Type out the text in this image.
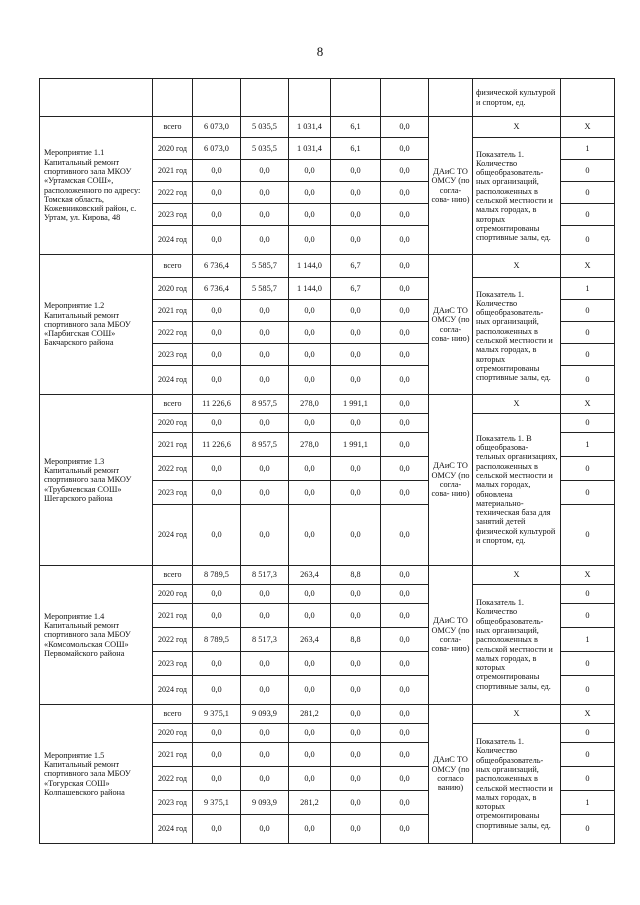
8
								физической культурой и спортом, ед.	
Мероприятие 1.1 Капитальный ремонт спортивного зала МКОУ «Уртамская СОШ», расположенного по адресу: Томская область, Кожевниковский район, с. Уртам, ул. Кирова, 48	всего	6 073,0	5 035,5	1 031,4	6,1	0,0	ДАиС ТО ОМСУ (по согла- сова- нию)	Х	Х
	2020 год	6 073,0	5 035,5	1 031,4	6,1	0,0		Показатель 1. Количество общеобразователь- ных организаций, расположенных в сельской местности и малых городах, в которых отремонтированы спортивные залы, ед.	1
	2021 год	0,0	0,0	0,0	0,0	0,0			0
	2022 год	0,0	0,0	0,0	0,0	0,0			0
	2023 год	0,0	0,0	0,0	0,0	0,0			0
	2024 год	0,0	0,0	0,0	0,0	0,0			0
Мероприятие 1.2 Капитальный ремонт спортивного зала МБОУ «Парбигская СОШ» Бакчарского района	всего	6 736,4	5 585,7	1 144,0	6,7	0,0	ДАиС ТО ОМСУ (по согла- сова- нию)	Х	Х
	2020 год	6 736,4	5 585,7	1 144,0	6,7	0,0		Показатель 1. Количество общеобразователь- ных организаций, расположенных в сельской местности и малых городах, в которых отремонтированы спортивные залы, ед.	1
	2021 год	0,0	0,0	0,0	0,0	0,0			0
	2022 год	0,0	0,0	0,0	0,0	0,0			0
	2023 год	0,0	0,0	0,0	0,0	0,0			0
	2024 год	0,0	0,0	0,0	0,0	0,0			0
Мероприятие 1.3 Капитальный ремонт спортивного зала МКОУ «Трубачевская СОШ» Шегарского района	всего	11 226,6	8 957,5	278,0	1 991,1	0,0	ДАиС ТО ОМСУ (по согла- сова- нию)	Х	Х
	2020 год	0,0	0,0	0,0	0,0	0,0		Показатель 1. В общеобразова- тельных организациях, расположенных в сельской местности и малых городах, обновлена материально- техническая база для занятий детей физической культурой и спортом, ед.	0
	2021 год	11 226,6	8 957,5	278,0	1 991,1	0,0			1
	2022 год	0,0	0,0	0,0	0,0	0,0			0
	2023 год	0,0	0,0	0,0	0,0	0,0			0
	2024 год	0,0	0,0	0,0	0,0	0,0			0
Мероприятие 1.4 Капитальный ремонт спортивного зала МБОУ «Комсомольская СОШ» Первомайского района	всего	8 789,5	8 517,3	263,4	8,8	0,0	ДАиС ТО ОМСУ (по согла- сова- нию)	Х	Х
	2020 год	0,0	0,0	0,0	0,0	0,0		Показатель 1. Количество общеобразователь- ных организаций, расположенных в сельской местности и малых городах, в которых отремонтированы спортивные залы, ед.	0
	2021 год	0,0	0,0	0,0	0,0	0,0			0
	2022 год	8 789,5	8 517,3	263,4	8,8	0,0			1
	2023 год	0,0	0,0	0,0	0,0	0,0			0
	2024 год	0,0	0,0	0,0	0,0	0,0			0
Мероприятие 1.5 Капитальный ремонт спортивного зала МБОУ «Тогурская СОШ» Колпашевского района	всего	9 375,1	9 093,9	281,2	0,0	0,0	ДАиС ТО ОМСУ (по согласо ванию)	Х	Х
	2020 год	0,0	0,0	0,0	0,0	0,0		Показатель 1. Количество общеобразователь- ных организаций, расположенных в сельской местности и малых городах, в которых отремонтированы спортивные залы, ед.	0
	2021 год	0,0	0,0	0,0	0,0	0,0			0
	2022 год	0,0	0,0	0,0	0,0	0,0			0
	2023 год	9 375,1	9 093,9	281,2	0,0	0,0			1
	2024 год	0,0	0,0	0,0	0,0	0,0			0
